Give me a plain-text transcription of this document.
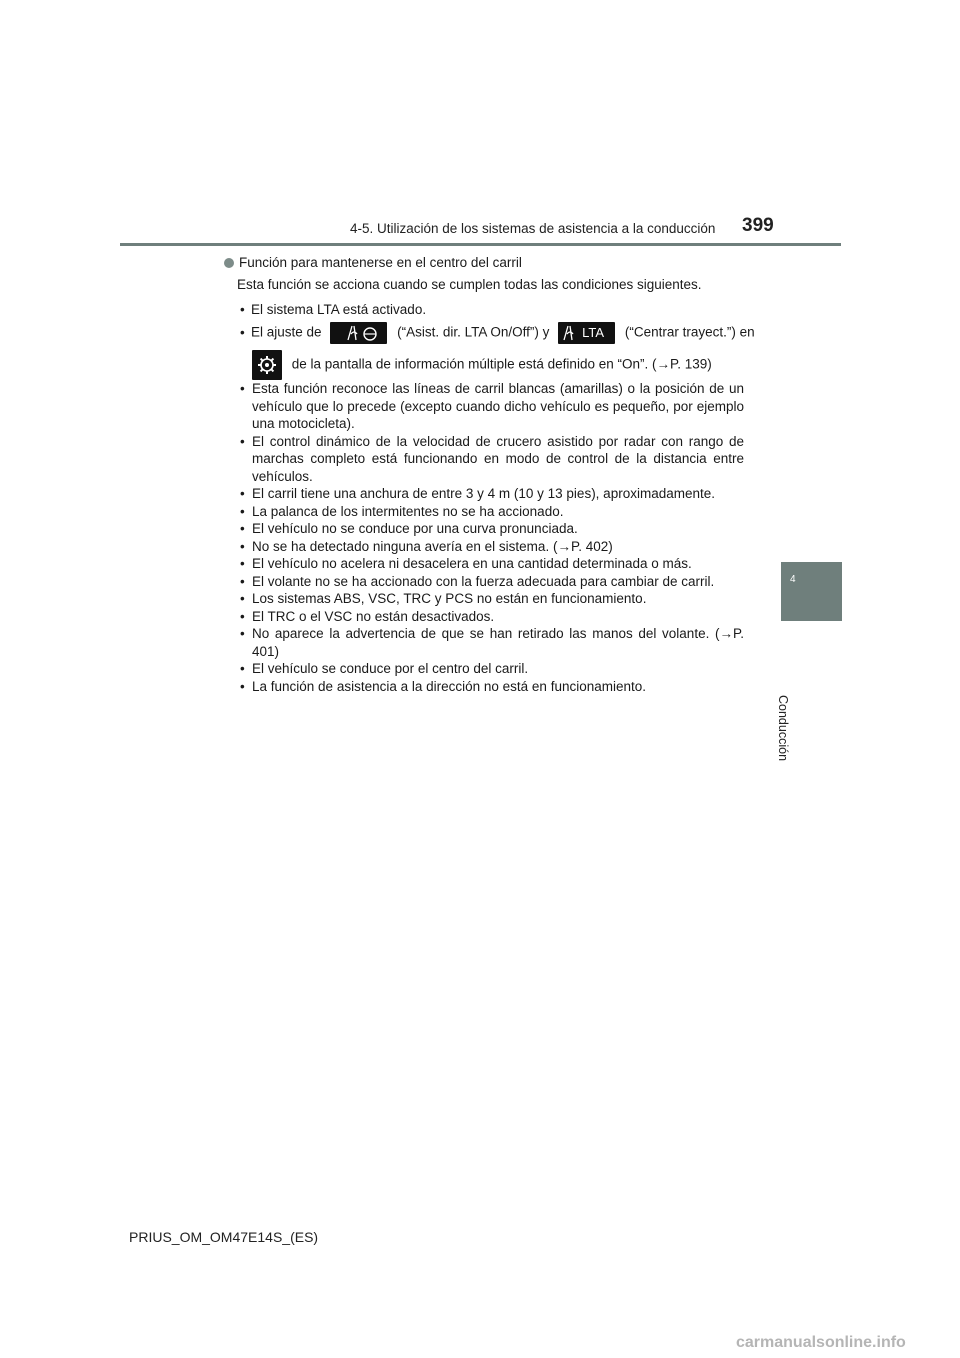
4-5. Utilización de los sistemas de asistencia a la conducción 399
4
Conducción
Función para mantenerse en el centro del carril
Esta función se acciona cuando se cumplen todas las condiciones siguientes.
• El sistema LTA está activado.
• El ajuste de	(“Asist. dir. LTA On/Off”) y	LTA (“Centrar trayect.”) en
de la pantalla de información múltiple está definido en “On”. (→P. 139)
• Esta función reconoce las líneas de carril blancas (amarillas) o la posición de un vehículo que lo precede (excepto cuando dicho vehículo es pequeño, por ejemplo una motocicleta).
• El control dinámico de la velocidad de crucero asistido por radar con rango de marchas completo está funcionando en modo de control de la distancia entre vehículos.
• El carril tiene una anchura de entre 3 y 4 m (10 y 13 pies), aproximadamente.
• La palanca de los intermitentes no se ha accionado.
• El vehículo no se conduce por una curva pronunciada.
• No se ha detectado ninguna avería en el sistema. (→P. 402)
• El vehículo no acelera ni desacelera en una cantidad determinada o más.
• El volante no se ha accionado con la fuerza adecuada para cambiar de carril.
• Los sistemas ABS, VSC, TRC y PCS no están en funcionamiento.
• El TRC o el VSC no están desactivados.
• No aparece la advertencia de que se han retirado las manos del volante. (→P. 401)
• El vehículo se conduce por el centro del carril.
• La función de asistencia a la dirección no está en funcionamiento.
PRIUS_OM_OM47E14S_(ES)
carmanualsonline.info
